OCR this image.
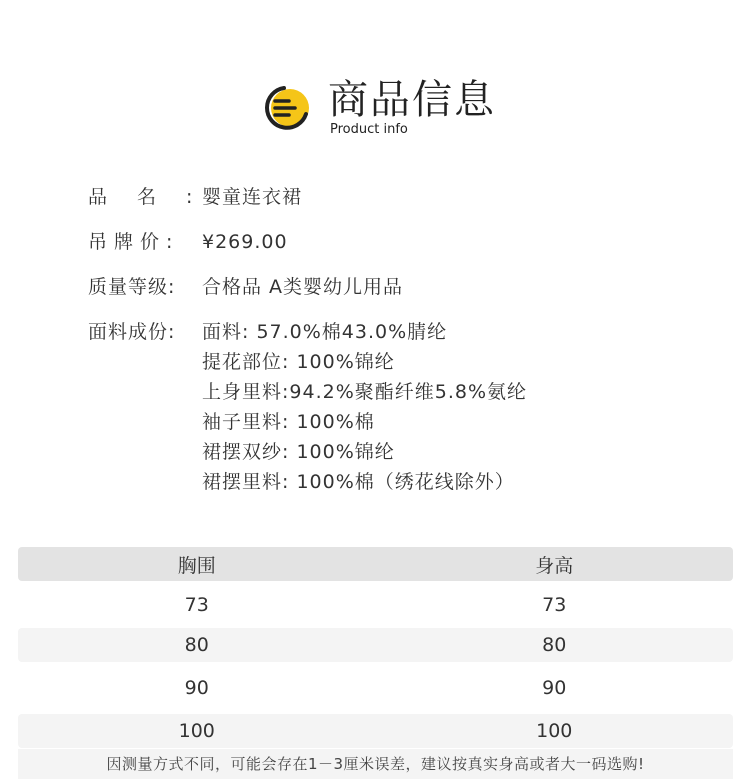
商品信息
Product info
品名:
婴童连衣裙
吊牌价:	¥269.00
质量等级:	合格品 A类婴幼儿用品
面料成份:	面料: 57.0%棉43.0%腈纶
提花部位: 100%锦纶
上身里料:94.2%聚酯纤维5.8%氨纶
袖子里料: 100%棉
裙摆双纱: 100%锦纶
裙摆里料: 100%棉（绣花线除外）
胸围	身高
73	73
80	80
90	90
100	100
因测量方式不同，可能会存在1－3厘米误差，建议按真实身高或者大一码选购!
